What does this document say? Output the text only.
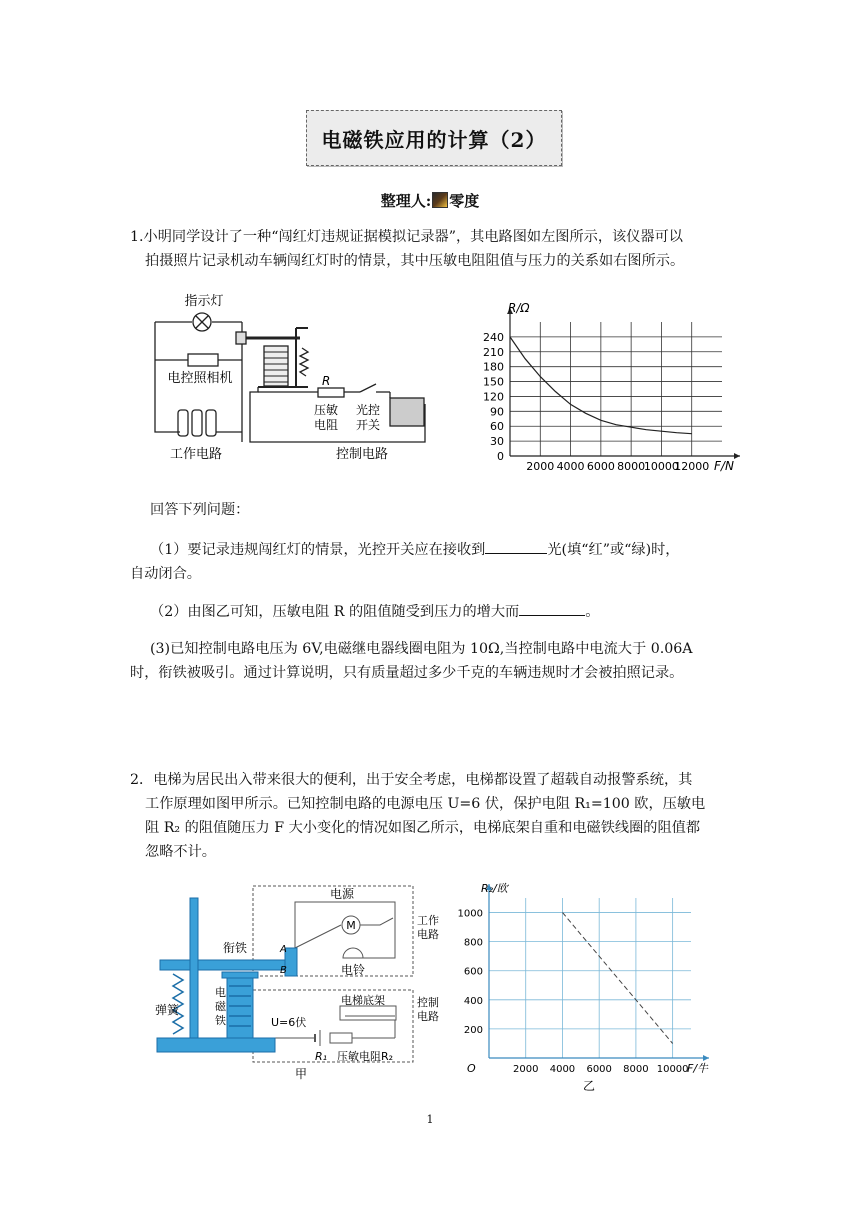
电磁铁应用的计算（2）
整理人: 零度

1.小明同学设计了一种“闯红灯违规证据模拟记录器”，其电路图如左图所示，该仪器可以

拍摄照片记录机动车辆闯红灯时的情景，其中压敏电阻阻值与压力的关系如右图所示。

指示灯
电控照相机
工作电路	控制电路
R
压敏
电阻
光控
开关
2000 4000 6000 8000
10000
12000
0
30
60
90
120
150
180
210
240
R/Ω
F/N

回答下列问题：

（1）要记录违规闯红灯的情景，光控开关应在接收到	光(填“红”或“绿)时，

自动闭合。

（2）由图乙可知，压敏电阻 R 的阻值随受到压力的增大而	。

(3)已知控制电路电压为 6V,电磁继电器线圈电阻为 10Ω,当控制电路中电流大于 0.06A

时，衔铁被吸引。通过计算说明，只有质量超过多少千克的车辆违规时才会被拍照记录。

2．电梯为居民出入带来很大的便利，出于安全考虑，电梯都设置了超载自动报警系统，其

工作原理如图甲所示。已知控制电路的电源电压 U=6 伏，保护电阻 R₁=100 欧，压敏电

阻 R₂ 的阻值随压力 F 大小变化的情况如图乙所示，电梯底架自重和电磁铁线圈的阻值都

忽略不计。

电源
M	工作
电路
衔铁
电铃
A
B
弹簧
电
磁
铁	U=6伏
电梯底架
R₁ 压敏电阻R₂
控制
电路
甲	2000 4000 6000 8000 10000
200
400
600
800
1000
R₂/欧
F/牛
O
乙
1
